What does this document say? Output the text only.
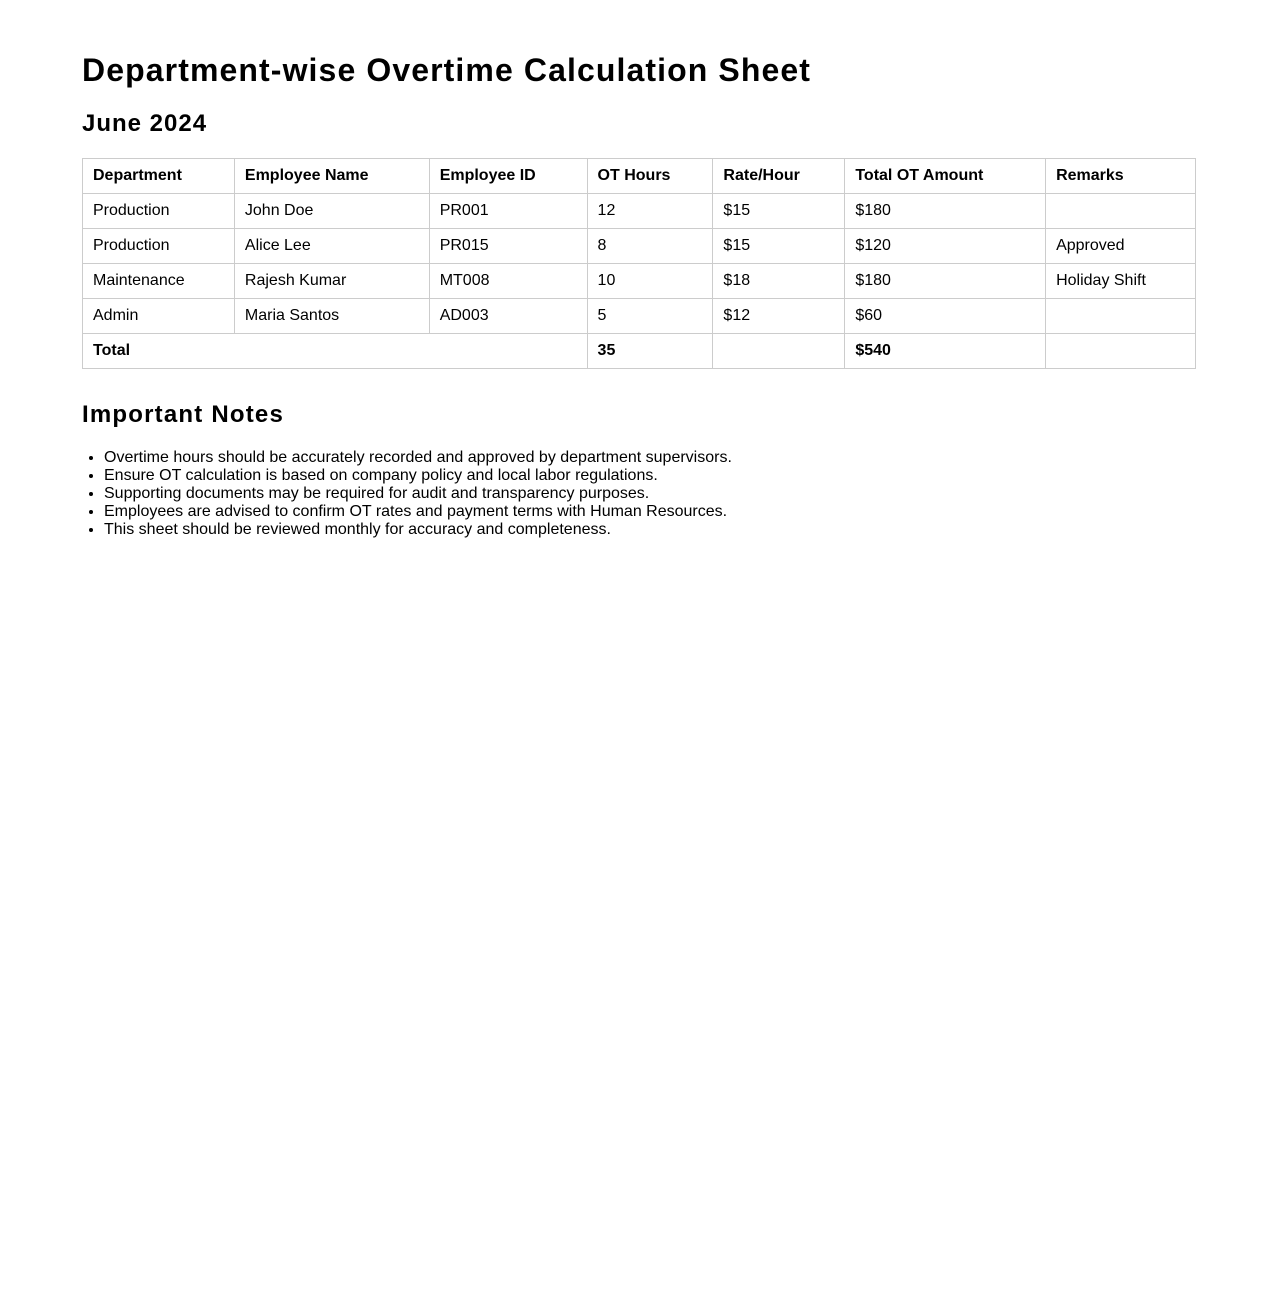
Department-wise Overtime Calculation Sheet
June 2024
Department	Employee Name	Employee ID	OT Hours	Rate/Hour	Total OT Amount	Remarks
Production	John Doe	PR001	12	$15	$180	
Production	Alice Lee	PR015	8	$15	$120	Approved
Maintenance	Rajesh Kumar	MT008	10	$18	$180	Holiday Shift
Admin	Maria Santos	AD003	5	$12	$60	
Total			35		$540	
Important Notes
• Overtime hours should be accurately recorded and approved by department supervisors.
• Ensure OT calculation is based on company policy and local labor regulations.
• Supporting documents may be required for audit and transparency purposes.
• Employees are advised to confirm OT rates and payment terms with Human Resources.
• This sheet should be reviewed monthly for accuracy and completeness.
